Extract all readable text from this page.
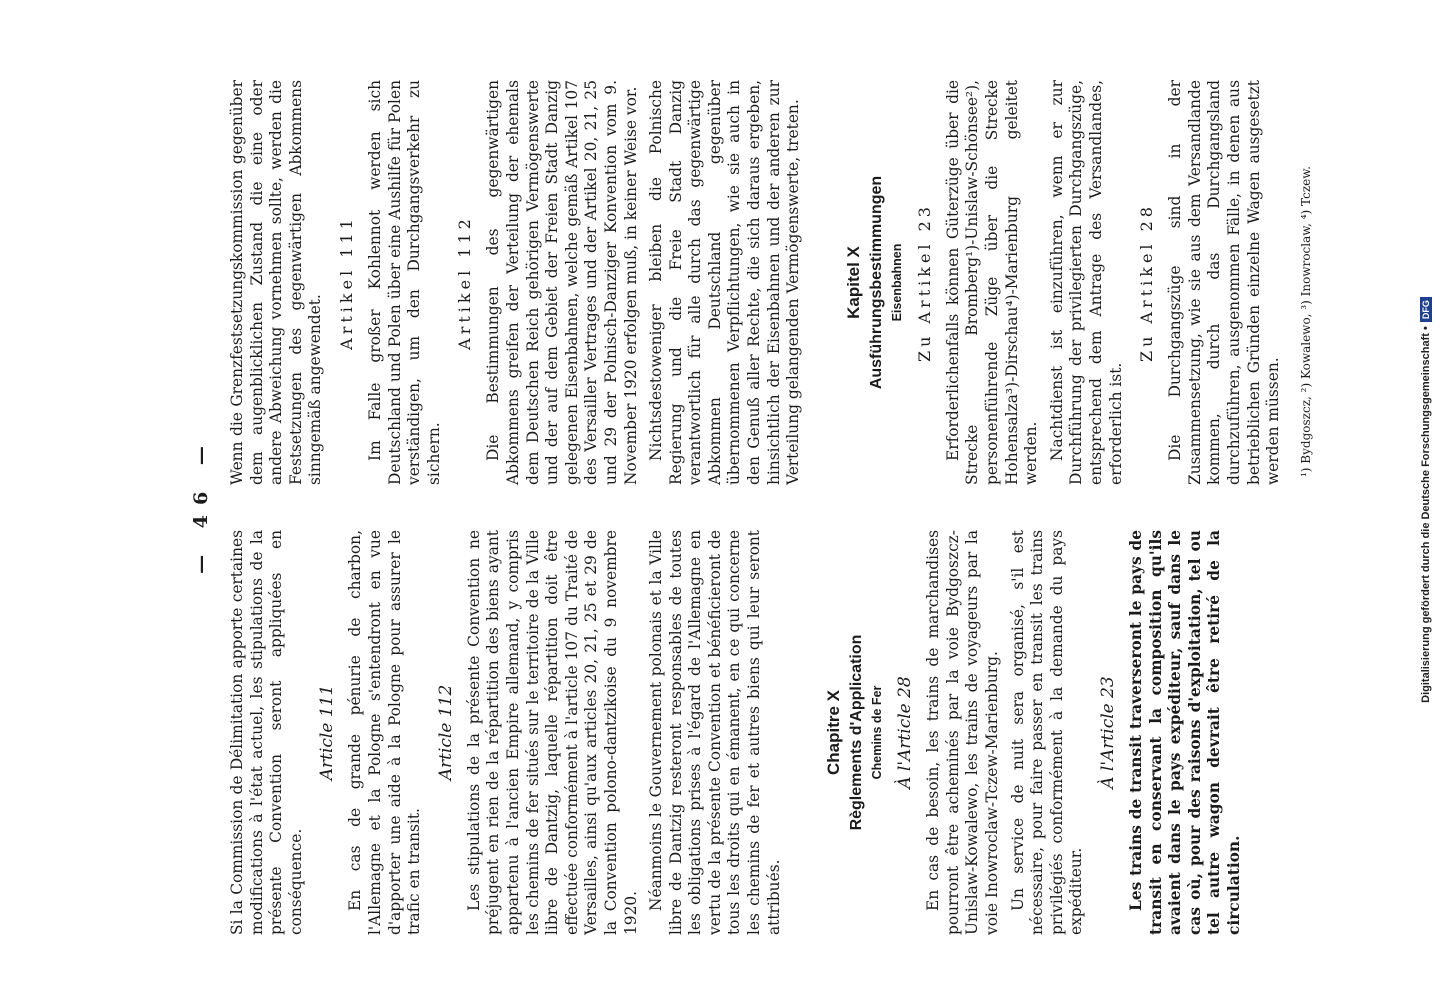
— 46 —

Si la Commission de Délimitation apporte certaines modifications à l'état actuel, les stipulations de la présente Convention seront appliquées en conséquence.

Article 111 En cas de grande pénurie de charbon, l'Allemagne et la Pologne s'entendront en vue d'apporter une aide à la Pologne pour assurer le trafic en transit.

Article 112 Les stipulations de la présente Convention ne préjugent en rien de la répartition des biens ayant appartenu à l'ancien Empire allemand, y compris les chemins de fer situés sur le territoire de la Ville libre de Dantzig, laquelle répartition doit être effectuée conformément à l'article 107 du Traité de Versailles, ainsi qu'aux articles 20, 21, 25 et 29 de la Convention polono-dantzikoise du 9 novembre 1920.

Néanmoins le Gouvernement polonais et la Ville libre de Dantzig resteront responsables de toutes les obligations prises à l'égard de l'Allemagne en vertu de la présente Convention et bénéficieront de tous les droits qui en émanent, en ce qui concerne les chemins de fer et autres biens qui leur seront attribués.

Chapitre X Règlements d'Application Chemins de Fer À l'Article 28 En cas de besoin, les trains de marchandises pourront être acheminés par la voie Bydgoszcz-Unislaw-Kowalewo, les trains de voyageurs par la voie Inowroclaw-Tczew-Marienburg. Un service de nuit sera organisé, s'il est nécessaire, pour faire passer en transit les trains privilégiés conformément à la demande du pays expéditeur.

À l'Article 23 Les trains de transit traverseront le pays de transit en conservant la composition qu'ils avaient dans le pays expéditeur, sauf dans le cas où, pour des raisons d'exploitation, tel ou tel autre wagon devrait être retiré de la circulation.

Wenn die Grenzfestsetzungskommission gegenüber dem augenblicklichen Zustand die eine oder andere Abweichung vornehmen sollte, werden die Festsetzungen des gegenwärtigen Abkommens sinngemäß angewendet.

Artikel 111 Im Falle großer Kohlennot werden sich Deutschland und Polen über eine Aushilfe für Polen verständigen, um den Durchgangsverkehr zu sichern.

Artikel 112 Die Bestimmungen des gegenwärtigen Abkommens greifen der Verteilung der ehemals dem Deutschen Reich gehörigen Vermögenswerte und der auf dem Gebiet der Freien Stadt Danzig gelegenen Eisenbahnen, welche gemäß Artikel 107 des Versailler Vertrages und der Artikel 20, 21, 25 und 29 der Polnisch-Danziger Konvention vom 9. November 1920 erfolgen muß, in keiner Weise vor. Nichtsdestoweniger bleiben die Polnische Regierung und die Freie Stadt Danzig verantwortlich für alle durch das gegenwärtige Abkommen Deutschland gegenüber übernommenen Verpflichtungen, wie sie auch in den Genuß aller Rechte, die sich daraus ergeben, hinsichtlich der Eisenbahnen und der anderen zur Verteilung gelangenden Vermögenswerte, treten. Kapitel X Ausführungsbestimmungen Eisenbahnen Zu Artikel 23 Erforderlichenfalls können Güterzüge über die Strecke Bromberg¹)-Unislaw-Schönsee²), personenführende Züge über die Strecke Hohensalza³)-Dirschau⁴)-Marienburg geleitet werden. Nachtdienst ist einzuführen, wenn er zur Durchführung der privilegierten Durchgangszüge, entsprechend dem Antrage des Versandlandes, erforderlich ist.

Zu Artikel 28 Die Durchgangszüge sind in der Zusammensetzung, wie sie aus dem Versandlande kommen, durch das Durchgangsland durchzuführen, ausgenommen Fälle, in denen aus betrieblichen Gründen einzelne Wagen ausgesetzt werden müssen. ¹) Bydgoszcz, ²) Kowalewo, ³) Inowroclaw, ⁴) Tczew.
Digitalisierung gefördert durch die Deutsche Forschungsgemeinschaft •
DFG
